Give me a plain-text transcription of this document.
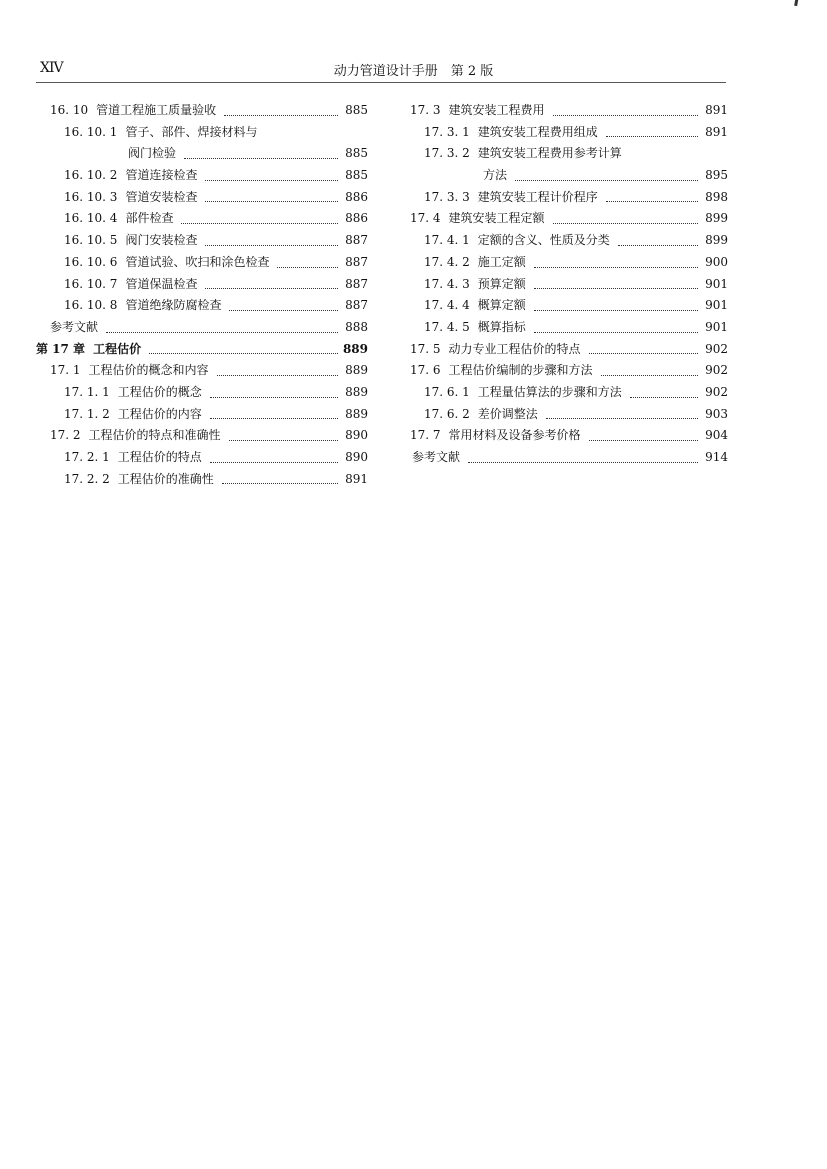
XIV	动力管道设计手册　第 2 版
16. 10 管道工程施工质量验收	885
16. 10. 1 管子、部件、焊接材料与
阀门检验	885
16. 10. 2 管道连接检查	885
16. 10. 3 管道安装检查	886
16. 10. 4 部件检查	886
16. 10. 5 阀门安装检查	887
16. 10. 6 管道试验、吹扫和涂色检查	887
16. 10. 7 管道保温检查	887
16. 10. 8 管道绝缘防腐检查	887
参考文献	888
第 17 章 工程估价	889
17. 1 工程估价的概念和内容	889
17. 1. 1 工程估价的概念	889
17. 1. 2 工程估价的内容	889
17. 2 工程估价的特点和准确性	890
17. 2. 1 工程估价的特点	890
17. 2. 2 工程估价的准确性	891
17. 3 建筑安装工程费用	891
17. 3. 1 建筑安装工程费用组成	891
17. 3. 2 建筑安装工程费用参考计算
方法	895
17. 3. 3 建筑安装工程计价程序	898
17. 4 建筑安装工程定额	899
17. 4. 1 定额的含义、性质及分类	899
17. 4. 2 施工定额	900
17. 4. 3 预算定额	901
17. 4. 4 概算定额	901
17. 4. 5 概算指标	901
17. 5 动力专业工程估价的特点	902
17. 6 工程估价编制的步骤和方法	902
17. 6. 1 工程量估算法的步骤和方法	902
17. 6. 2 差价调整法	903
17. 7 常用材料及设备参考价格	904
参考文献	914
